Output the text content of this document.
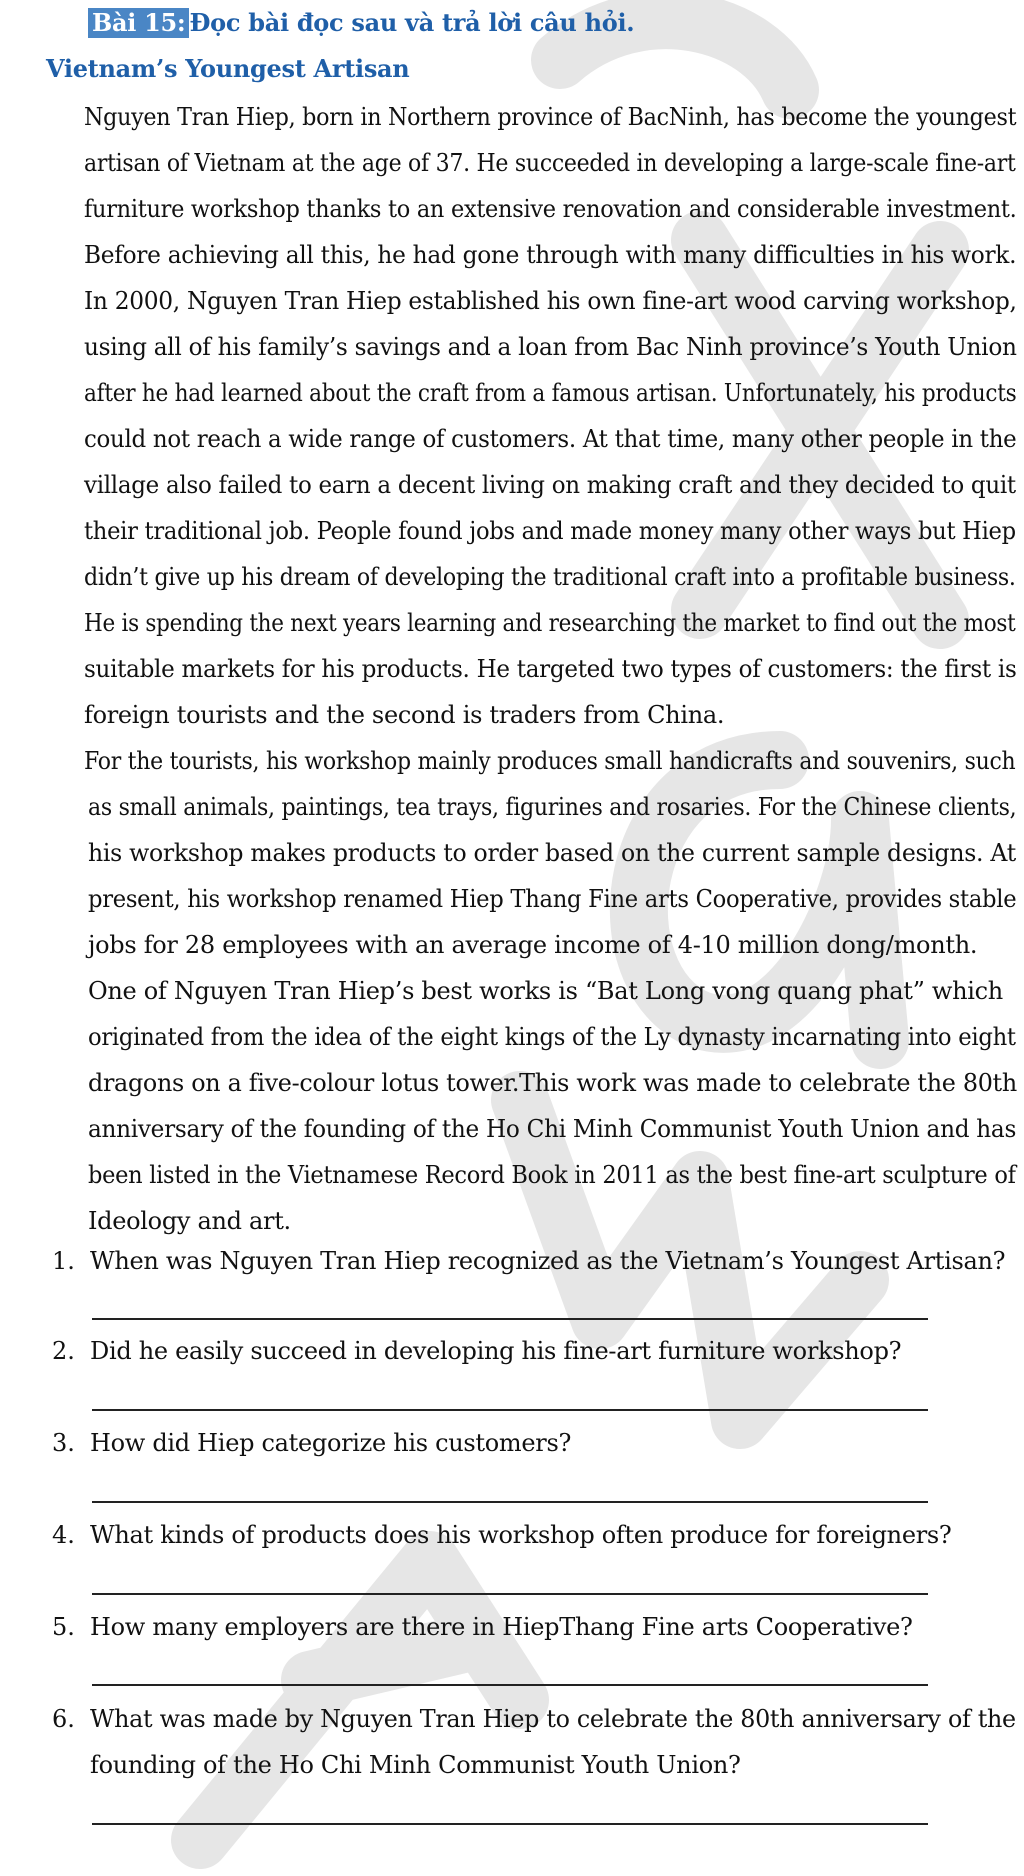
Bài 15: Đọc bài đọc sau và trả lời câu hỏi.
Vietnam’s Youngest Artisan
Nguyen Tran Hiep, born in Northern province of BacNinh, has become the youngest
artisan of Vietnam at the age of 37. He succeeded in developing a large-scale fine-art
furniture workshop thanks to an extensive renovation and considerable investment.
Before achieving all this, he had gone through with many difficulties in his work.
In 2000, Nguyen Tran Hiep established his own fine-art wood carving workshop,
using all of his family’s savings and a loan from Bac Ninh province’s Youth Union
after he had learned about the craft from a famous artisan. Unfortunately, his products
could not reach a wide range of customers. At that time, many other people in the
village also failed to earn a decent living on making craft and they decided to quit
their traditional job. People found jobs and made money many other ways but Hiep
didn’t give up his dream of developing the traditional craft into a profitable business.
He is spending the next years learning and researching the market to find out the most
suitable markets for his products. He targeted two types of customers: the first is
foreign tourists and the second is traders from China.
For the tourists, his workshop mainly produces small handicrafts and souvenirs, such
as small animals, paintings, tea trays, figurines and rosaries. For the Chinese clients,
his workshop makes products to order based on the current sample designs. At
present, his workshop renamed Hiep Thang Fine arts Cooperative, provides stable
jobs for 28 employees with an average income of 4-10 million dong/month.
One of Nguyen Tran Hiep’s best works is “Bat Long vong quang phat” which
originated from the idea of the eight kings of the Ly dynasty incarnating into eight
dragons on a five-colour lotus tower.This work was made to celebrate the 80th
anniversary of the founding of the Ho Chi Minh Communist Youth Union and has
been listed in the Vietnamese Record Book in 2011 as the best fine-art sculpture of
Ideology and art.
1. When was Nguyen Tran Hiep recognized as the Vietnam’s Youngest Artisan?
2. Did he easily succeed in developing his fine-art furniture workshop?
3. How did Hiep categorize his customers?
4. What kinds of products does his workshop often produce for foreigners?
5. How many employers are there in HiepThang Fine arts Cooperative?
6. What was made by Nguyen Tran Hiep to celebrate the 80th anniversary of the
founding of the Ho Chi Minh Communist Youth Union?
